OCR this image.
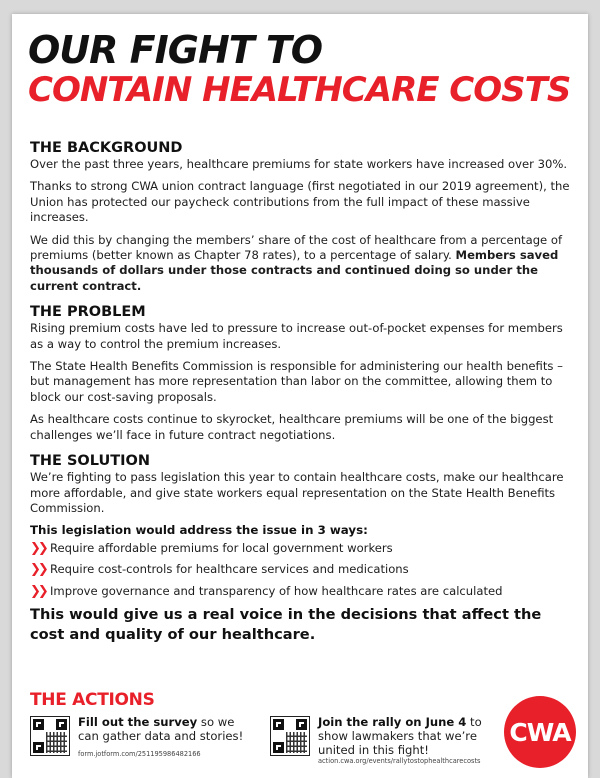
OUR FIGHT TO
CONTAIN HEALTHCARE COSTS
THE BACKGROUND

Over the past three years, healthcare premiums for state workers have increased over 30%.

Thanks to strong CWA union contract language (first negotiated in our 2019 agreement), the Union has protected our paycheck contributions from the full impact of these massive increases.

We did this by changing the members’ share of the cost of healthcare from a percentage of premiums (better known as Chapter 78 rates), to a percentage of salary. Members saved thousands of dollars under those contracts and continued doing so under the current contract.

THE PROBLEM

Rising premium costs have led to pressure to increase out-of-pocket expenses for members as a way to control the premium increases.

The State Health Benefits Commission is responsible for administering our health benefits – but management has more representation than labor on the committee, allowing them to block our cost-saving proposals.

As healthcare costs continue to skyrocket, healthcare premiums will be one of the biggest challenges we’ll face in future contract negotiations.

THE SOLUTION

We’re fighting to pass legislation this year to contain healthcare costs, make our healthcare more affordable, and give state workers equal representation on the State Health Benefits Commission.

This legislation would address the issue in 3 ways:
❯❯ Require affordable premiums for local government workers
❯❯ Require cost-controls for healthcare services and medications
❯❯ Improve governance and transparency of how healthcare rates are calculated

This would give us a real voice in the decisions that affect the cost and quality of our healthcare.

THE ACTIONS
Fill out the survey so we can gather data and stories!
form.jotform.com/251195986482166
Join the rally on June 4 to show lawmakers that we’re united in this fight!
action.cwa.org/events/rallytostophealthcarecosts
CWA
